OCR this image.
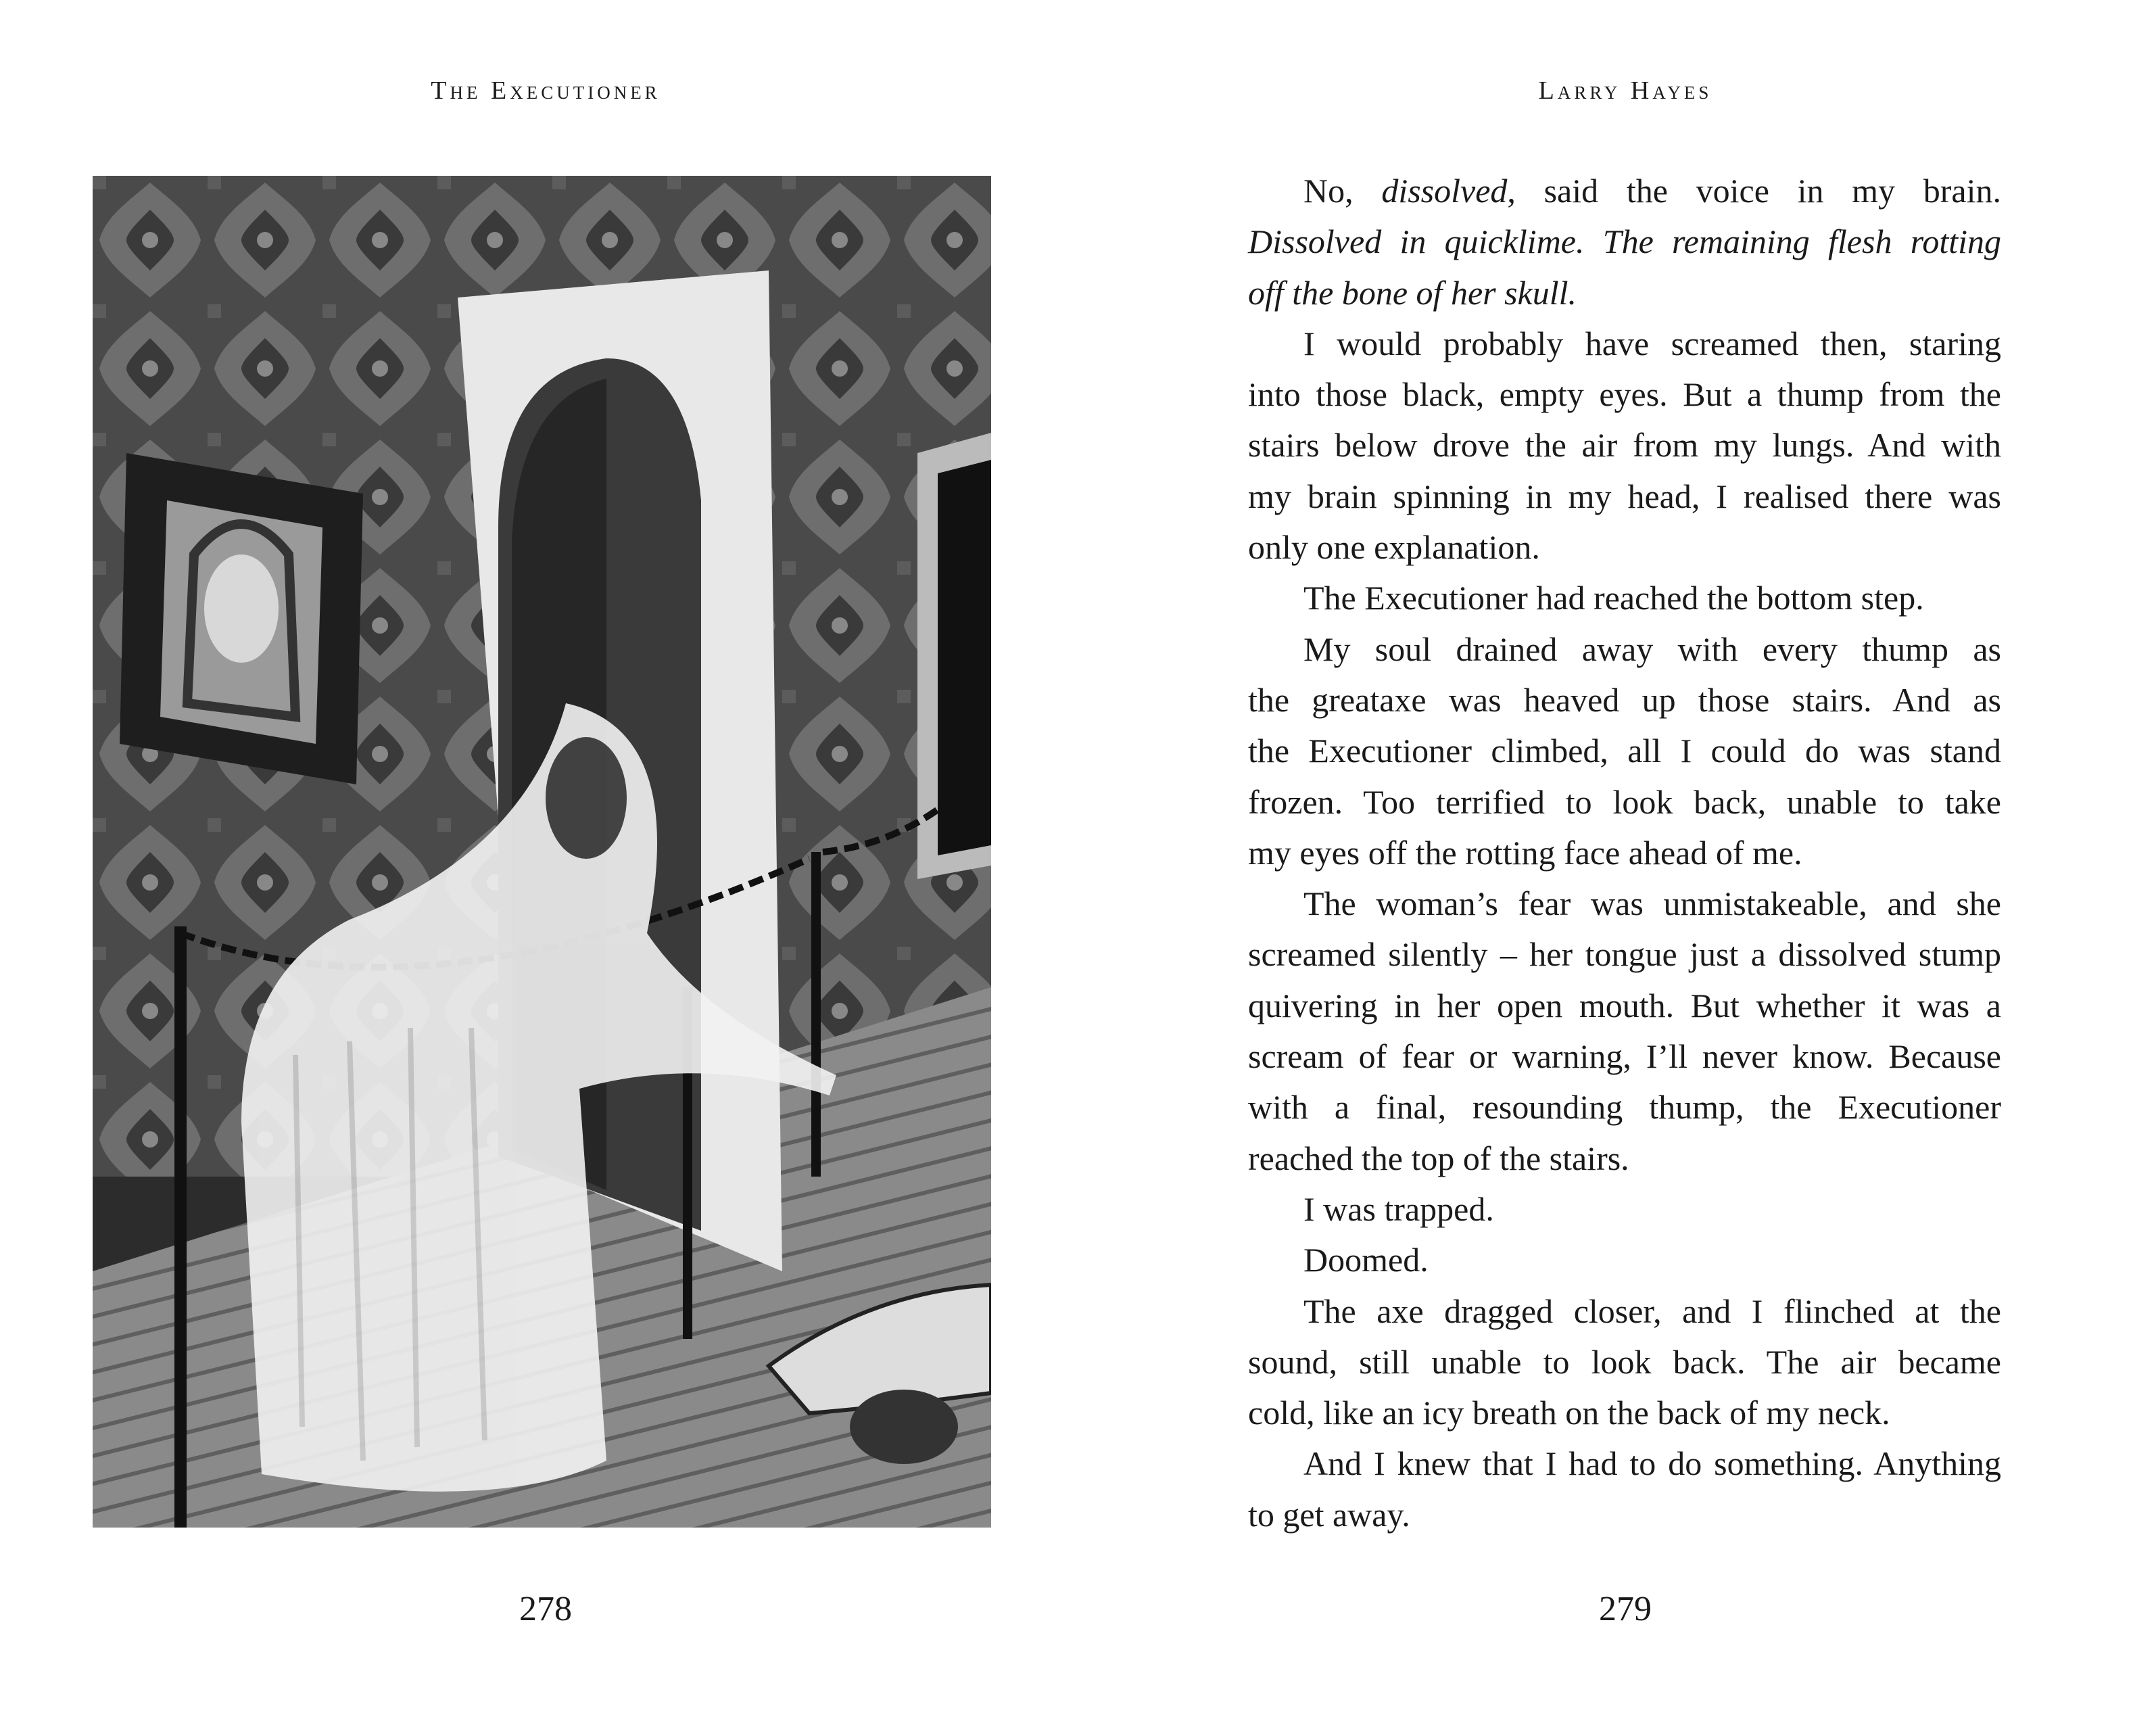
The Executioner
278
Larry Hayes
No, dissolved, said the voice in my brain.
Dissolved in quicklime. The remaining flesh rotting
off the bone of her skull.
I would probably have screamed then, staring
into those black, empty eyes. But a thump from the
stairs below drove the air from my lungs. And with
my brain spinning in my head, I realised there was
only one explanation.
The Executioner had reached the bottom step.
My soul drained away with every thump as
the greataxe was heaved up those stairs. And as
the Executioner climbed, all I could do was stand
frozen. Too terrified to look back, unable to take
my eyes off the rotting face ahead of me.
The woman’s fear was unmistakeable, and she
screamed silently – her tongue just a dissolved stump
quivering in her open mouth. But whether it was a
scream of fear or warning, I’ll never know. Because
with a final, resounding thump, the Executioner
reached the top of the stairs.
I was trapped.
Doomed.
The axe dragged closer, and I flinched at the
sound, still unable to look back. The air became
cold, like an icy breath on the back of my neck.
And I knew that I had to do something. Anything
to get away.
279
